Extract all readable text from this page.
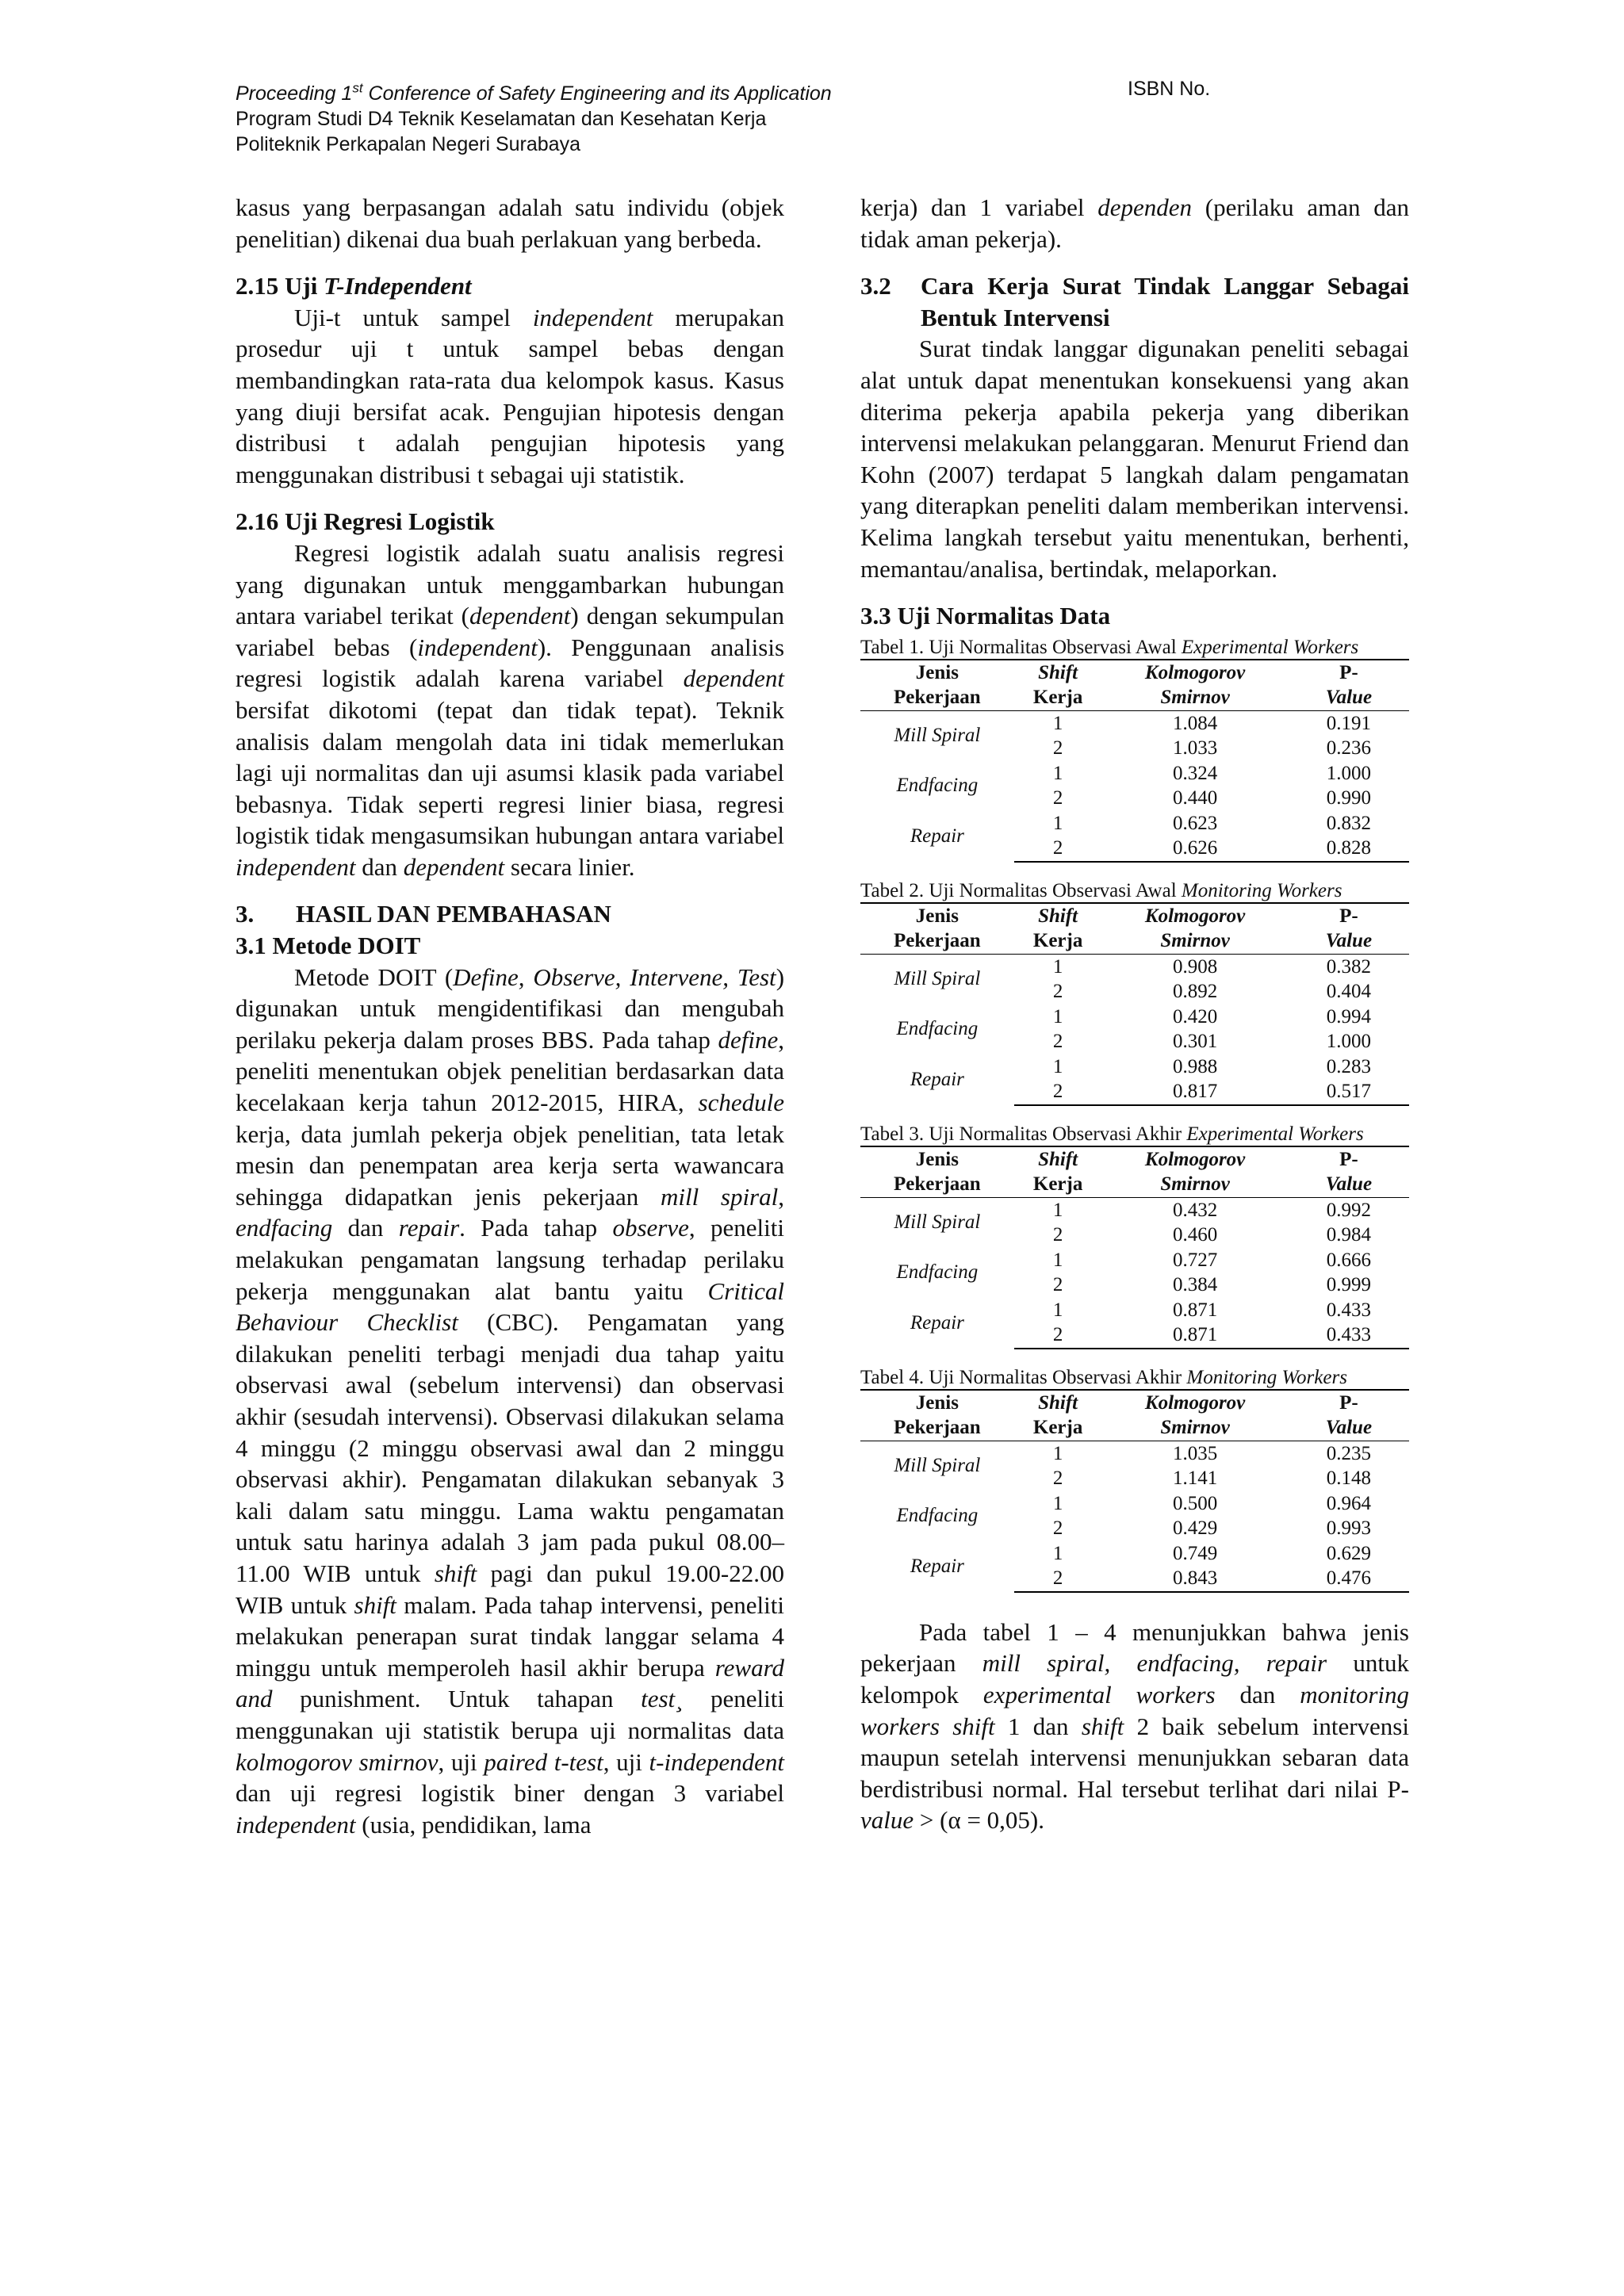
Proceeding 1st Conference of Safety Engineering and its Application	ISBN No.
Program Studi D4 Teknik Keselamatan dan Kesehatan Kerja
Politeknik Perkapalan Negeri Surabaya

kasus yang berpasangan adalah satu individu (objek penelitian) dikenai dua buah perlakuan yang berbeda.

2.15 Uji T-Independent

Uji-t untuk sampel independent merupakan prosedur uji t untuk sampel bebas dengan membandingkan rata-rata dua kelompok kasus. Kasus yang diuji bersifat acak. Pengujian hipotesis dengan distribusi t adalah pengujian hipotesis yang menggunakan distribusi t sebagai uji statistik.

2.16 Uji Regresi Logistik

Regresi logistik adalah suatu analisis regresi yang digunakan untuk menggambarkan hubungan antara variabel terikat (dependent) dengan sekumpulan variabel bebas (independent). Penggunaan analisis regresi logistik adalah karena variabel dependent bersifat dikotomi (tepat dan tidak tepat). Teknik analisis dalam mengolah data ini tidak memerlukan lagi uji normalitas dan uji asumsi klasik pada variabel bebasnya. Tidak seperti regresi linier biasa, regresi logistik tidak mengasumsikan hubungan antara variabel independent dan dependent secara linier.

3.	HASIL DAN PEMBAHASAN
3.1 Metode DOIT

Metode DOIT (Define, Observe, Intervene, Test) digunakan untuk mengidentifikasi dan mengubah perilaku pekerja dalam proses BBS. Pada tahap define, peneliti menentukan objek penelitian berdasarkan data kecelakaan kerja tahun 2012-2015, HIRA, schedule kerja, data jumlah pekerja objek penelitian, tata letak mesin dan penempatan area kerja serta wawancara sehingga didapatkan jenis pekerjaan mill spiral, endfacing dan repair. Pada tahap observe, peneliti melakukan pengamatan langsung terhadap perilaku pekerja menggunakan alat bantu yaitu Critical Behaviour Checklist (CBC). Pengamatan yang dilakukan peneliti terbagi menjadi dua tahap yaitu observasi awal (sebelum intervensi) dan observasi akhir (sesudah intervensi). Observasi dilakukan selama 4 minggu (2 minggu observasi awal dan 2 minggu observasi akhir). Pengamatan dilakukan sebanyak 3 kali dalam satu minggu. Lama waktu pengamatan untuk satu harinya adalah 3 jam pada pukul 08.00–11.00 WIB untuk shift pagi dan pukul 19.00-22.00 WIB untuk shift malam. Pada tahap intervensi, peneliti melakukan penerapan surat tindak langgar selama 4 minggu untuk memperoleh hasil akhir berupa reward and punishment. Untuk tahapan test¸ peneliti menggunakan uji statistik berupa uji normalitas data kolmogorov smirnov, uji paired t-test, uji t-independent dan uji regresi logistik biner dengan 3 variabel independent (usia, pendidikan, lama

kerja) dan 1 variabel dependen (perilaku aman dan tidak aman pekerja).

3.2	Cara Kerja Surat Tindak Langgar Sebagai Bentuk Intervensi

Surat tindak langgar digunakan peneliti sebagai alat untuk dapat menentukan konsekuensi yang akan diterima pekerja apabila pekerja yang diberikan intervensi melakukan pelanggaran. Menurut Friend dan Kohn (2007) terdapat 5 langkah dalam pengamatan yang diterapkan peneliti dalam memberikan intervensi. Kelima langkah tersebut yaitu menentukan, berhenti, memantau/analisa, bertindak, melaporkan.

3.3 Uji Normalitas Data
Tabel 1. Uji Normalitas Observasi Awal Experimental Workers
Jenis	Shift	Kolmogorov	P-
Pekerjaan	Kerja	Smirnov	Value
Mill Spiral	1	1.084	0.191
	2	1.033	0.236
Endfacing	1	0.324	1.000
	2	0.440	0.990
Repair	1	0.623	0.832
	2	0.626	0.828
Tabel 2. Uji Normalitas Observasi Awal Monitoring Workers
Jenis	Shift	Kolmogorov	P-
Pekerjaan	Kerja	Smirnov	Value
Mill Spiral	1	0.908	0.382
	2	0.892	0.404
Endfacing	1	0.420	0.994
	2	0.301	1.000
Repair	1	0.988	0.283
	2	0.817	0.517
Tabel 3. Uji Normalitas Observasi Akhir Experimental Workers
Jenis	Shift	Kolmogorov	P-
Pekerjaan	Kerja	Smirnov	Value
Mill Spiral	1	0.432	0.992
	2	0.460	0.984
Endfacing	1	0.727	0.666
	2	0.384	0.999
Repair	1	0.871	0.433
	2	0.871	0.433
Tabel 4. Uji Normalitas Observasi Akhir Monitoring Workers
Jenis	Shift	Kolmogorov	P-
Pekerjaan	Kerja	Smirnov	Value
Mill Spiral	1	1.035	0.235
	2	1.141	0.148
Endfacing	1	0.500	0.964
	2	0.429	0.993
Repair	1	0.749	0.629
	2	0.843	0.476

Pada tabel 1 – 4 menunjukkan bahwa jenis pekerjaan mill spiral, endfacing, repair untuk kelompok experimental workers dan monitoring workers shift 1 dan shift 2 baik sebelum intervensi maupun setelah intervensi menunjukkan sebaran data berdistribusi normal. Hal tersebut terlihat dari nilai P-value > (α = 0,05).
